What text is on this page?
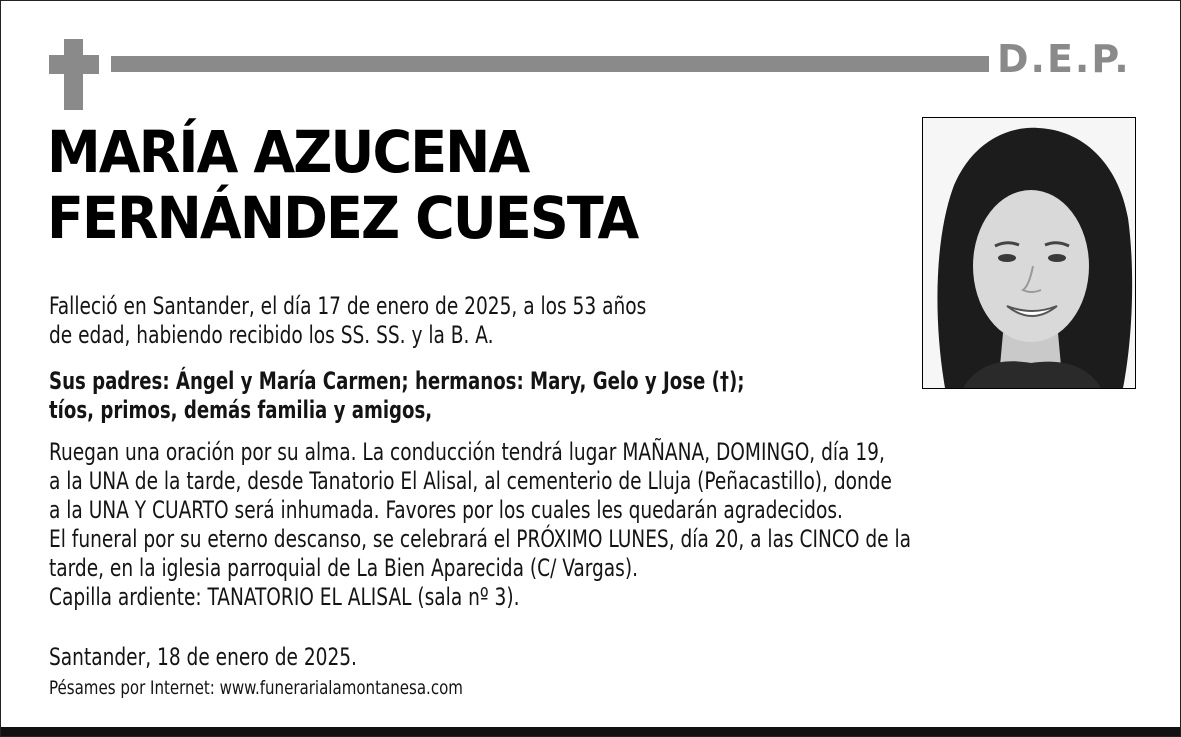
D.E.P.
MARÍA AZUCENA
FERNÁNDEZ CUESTA
Falleció en Santander, el día 17 de enero de 2025, a los 53 años
de edad, habiendo recibido los SS. SS. y la B. A.
Sus padres: Ángel y María Carmen; hermanos: Mary, Gelo y Jose (†);
tíos, primos, demás familia y amigos,
Ruegan una oración por su alma. La conducción tendrá lugar MAÑANA, DOMINGO, día 19,
a la UNA de la tarde, desde Tanatorio El Alisal, al cementerio de Lluja (Peñacastillo), donde
a la UNA Y CUARTO será inhumada. Favores por los cuales les quedarán agradecidos.
El funeral por su eterno descanso, se celebrará el PRÓXIMO LUNES, día 20, a las CINCO de la
tarde, en la iglesia parroquial de La Bien Aparecida (C/ Vargas).
Capilla ardiente: TANATORIO EL ALISAL (sala nº 3).
Santander, 18 de enero de 2025.
Pésames por Internet: www.funerarialamontanesa.com
